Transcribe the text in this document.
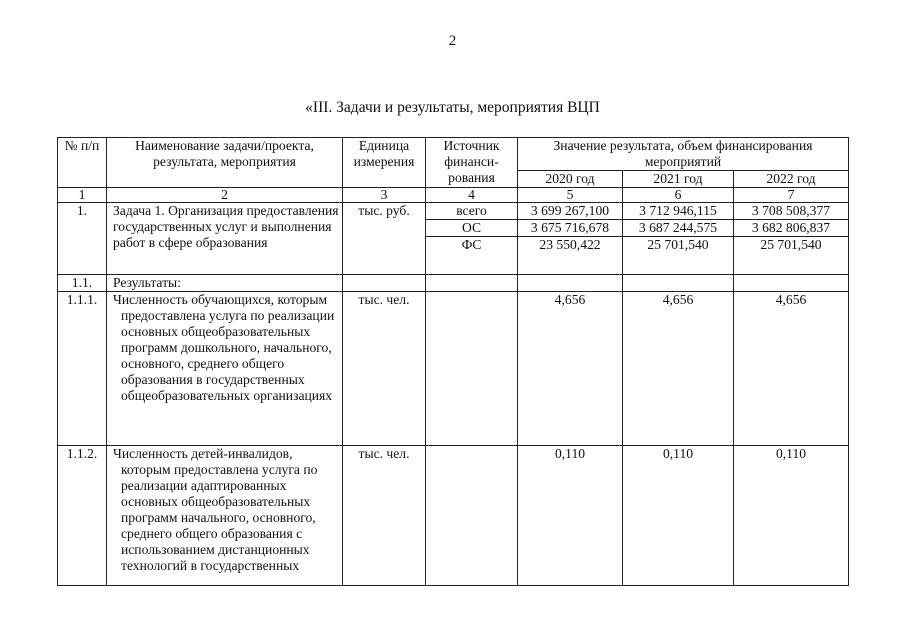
2
«III. Задачи и результаты, мероприятия ВЦП
№ п/п	Наименование задачи/проекта, результата, мероприятия	Единица измерения	Источник финанси-рования	Значение результата, объем финансирования мероприятий		
				2020 год	2021 год	2022 год
1	2	3	4	5	6	7
1.	Задача 1. Организация предоставления государственных услуг и выполнения работ в сфере образования	тыс. руб.	всего	3 699 267,100	3 712 946,115	3 708 508,377
			ОС	3 675 716,678	3 687 244,575	3 682 806,837
			ФС	23 550,422	25 701,540	25 701,540
1.1.	Результаты:					
1.1.1.	Численность обучающихся, которым предоставлена услуга по реализации основных общеобразовательных программ дошкольного, начального, основного, среднего общего образования в государственных общеобразовательных организациях	тыс. чел.		4,656	4,656	4,656
1.1.2.	Численность детей-инвалидов, которым предоставлена услуга по реализации адаптированных основных общеобразовательных программ начального, основного, среднего общего образования с использованием дистанционных технологий в государственных	тыс. чел.		0,110	0,110	0,110
